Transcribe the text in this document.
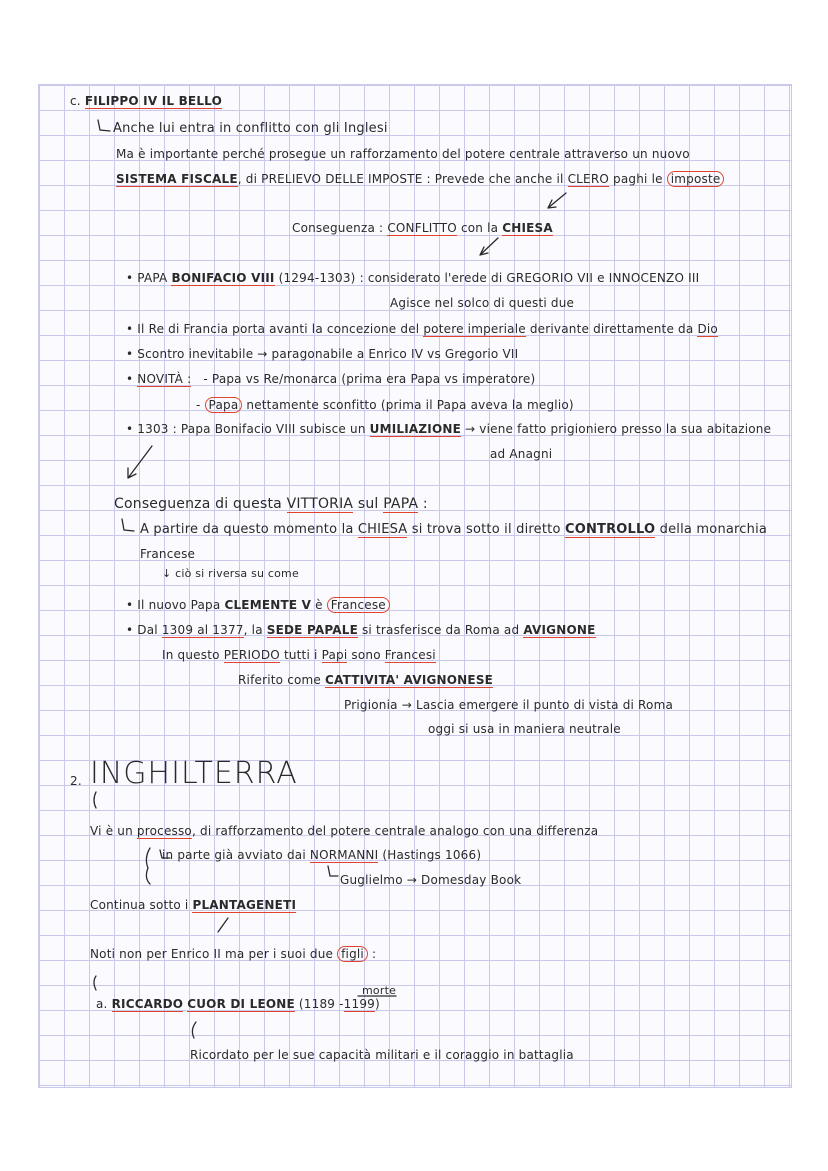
c. FILIPPO IV IL BELLO
Anche lui entra in conflitto con gli Inglesi
Ma è importante perché prosegue un rafforzamento del potere centrale attraverso un nuovo
SISTEMA FISCALE, di PRELIEVO DELLE IMPOSTE : Prevede che anche il CLERO paghi le imposte
Conseguenza : CONFLITTO con la CHIESA
• PAPA BONIFACIO VIII (1294-1303) : considerato l'erede di GREGORIO VII e INNOCENZO III
Agisce nel solco di questi due
• Il Re di Francia porta avanti la concezione del potere imperiale derivante direttamente da Dio
• Scontro inevitabile → paragonabile a Enrico IV vs Gregorio VII
• NOVITÀ : - Papa vs Re/monarca (prima era Papa vs imperatore)
- Papa nettamente sconfitto (prima il Papa aveva la meglio)
• 1303 : Papa Bonifacio VIII subisce un UMILIAZIONE → viene fatto prigioniero presso la sua abitazione
ad Anagni
Conseguenza di questa VITTORIA sul PAPA :
A partire da questo momento la CHIESA si trova sotto il diretto CONTROLLO della monarchia
Francese
↓ ciò si riversa su come
• Il nuovo Papa CLEMENTE V è Francese
• Dal 1309 al 1377, la SEDE PAPALE si trasferisce da Roma ad AVIGNONE
In questo PERIODO tutti i Papi sono Francesi
Riferito come CATTIVITA' AVIGNONESE
Prigionia → Lascia emergere il punto di vista di Roma
oggi si usa in maniera neutrale
2. INGHILTERRA
Vi è un processo, di rafforzamento del potere centrale analogo con una differenza
in parte già avviato dai NORMANNI (Hastings 1066)
Guglielmo → Domesday Book
Continua sotto i PLANTAGENETI
Noti non per Enrico II ma per i suoi due figli :
morte
a. RICCARDO CUOR DI LEONE (1189 -1199)
Ricordato per le sue capacità militari e il coraggio in battaglia
